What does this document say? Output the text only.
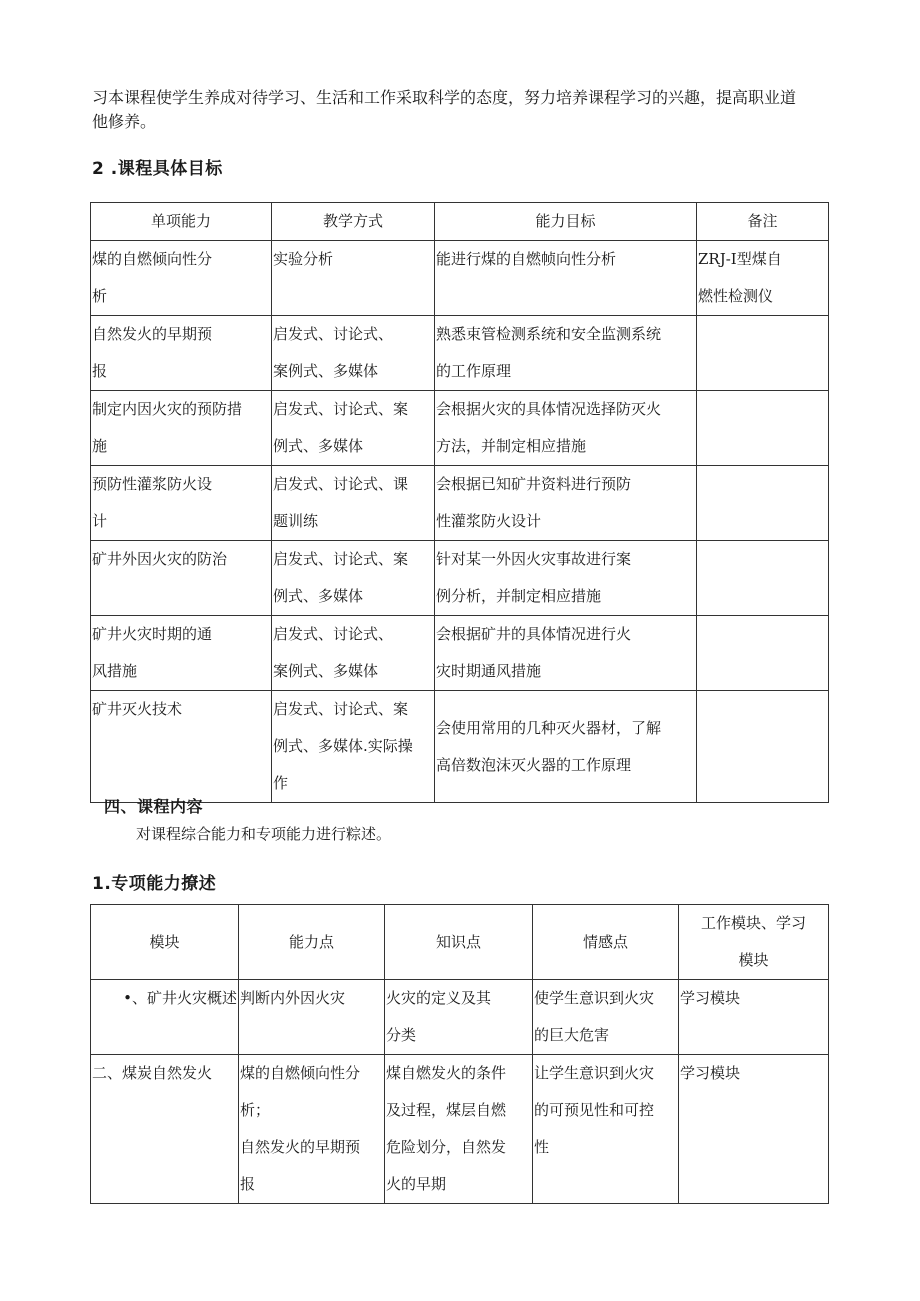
习本课程使学生养成对待学习、生活和工作采取科学的态度，努力培养课程学习的兴趣，提高职业道
他修养。
2 .课程具体目标
单项能力	教学方式	能力目标	备注

煤的自燃倾向性分
析	实验分析	能进行煤的自燃帧向性分析	ZRJ-I型煤自
燃性检测仪

自然发火的早期预
报	启发式、讨论式、
案例式、多媒体	熟悉束管检测系统和安全监测系统
的工作原理	

制定内因火灾的预防措
施	启发式、讨论式、案
例式、多媒体	会根据火灾的具体情况选择防灭火
方法，并制定相应措施	

预防性灌浆防火设
计	启发式、讨论式、课
题训练	会根据已知矿井资料进行预防
性灌浆防火设计	

矿井外因火灾的防治	启发式、讨论式、案
例式、多媒体	针对某一外因火灾事故进行案
例分析，并制定相应措施	

矿井火灾时期的通
风措施	启发式、讨论式、
案例式、多媒体	会根据矿井的具体情况进行火
灾时期通风措施	

矿井灭火技术	启发式、讨论式、案
例式、多媒体.实际操
作	会使用常用的几种灭火器材，了解
高倍数泡沫灭火器的工作原理	

四、课程内容
对课程综合能力和专项能力进行粽述。
1.专项能力撩述
模块	能力点	知识点	情感点	工作模块、学习
模块

•、矿井火灾概述	判断内外因火灾	火灾的定义及其
分类	使学生意识到火灾
的巨大危害	学习模块

二、煤炭自然发火	煤的自燃倾向性分
析；
自然发火的早期预
报	煤自燃发火的条件
及过程，煤层自燃
危险划分，自然发
火的早期	让学生意识到火灾
的可预见性和可控
性	学习模块
